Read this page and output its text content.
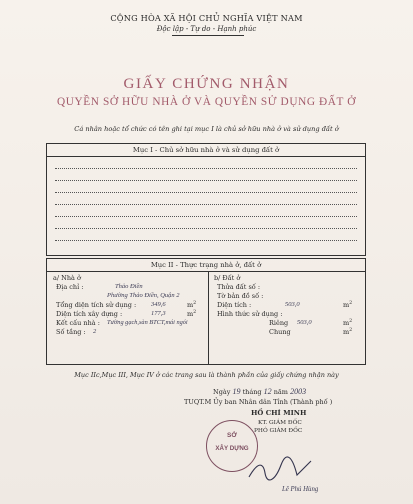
CỘNG HÒA XÃ HỘI CHỦ NGHĨA VIỆT NAM
Độc lập - Tự do - Hạnh phúc
GIẤY CHỨNG NHẬN
QUYỀN SỞ HỮU NHÀ Ở VÀ QUYỀN SỬ DỤNG ĐẤT Ở
Cá nhân hoặc tổ chức có tên ghi tại mục I là chủ sở hữu nhà ở và sử dụng đất ở
Mục I - Chủ sở hữu nhà ở và sử dụng đất ở
Mục II - Thực trạng nhà ở, đất ở
a/ Nhà ở
Địa chỉ :	Thảo Điền
Phường Thảo Điền, Quận 2
Tổng diện tích sử dụng : 349,6	$m^2$
Diện tích xây dựng :	177,3	$m^2$
Kết cấu nhà : Tường gạch,sàn BTCT,mái ngói
Số tầng : 2
b/ Đất ở
Thửa đất số :
Tờ bản đồ số :
Diện tích :	503,0	$m^2$
Hình thức sử dụng :
Riêng 503,0	$m^2$
Chung	$m^2$
Mục IIc,Mục III, Mục IV ở các trang sau là thành phần của giấy chứng nhận này
Ngày 19 tháng 12 năm 2003
TUQT.M Ủy ban Nhân dân Tỉnh (Thành phố )
HỒ CHÍ MINH
KT. GIÁM ĐỐC
PHÓ GIÁM ĐỐC
SỞ
XÂY DỰNG
Lê Phú Hùng
